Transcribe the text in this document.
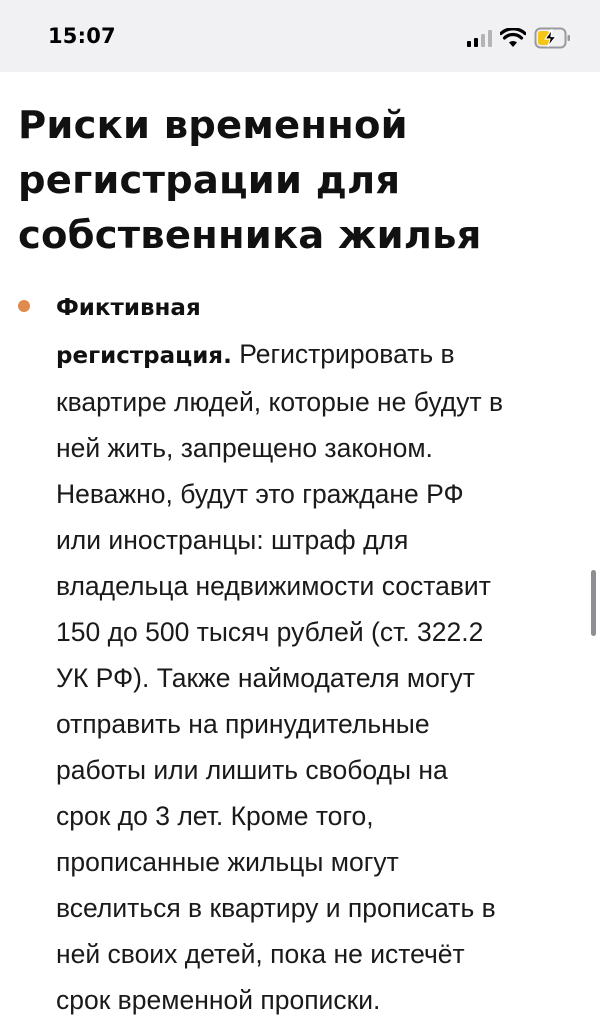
15:07
Риски временной
регистрации для
собственника жилья

Фиктивная
регистрация. Регистрировать в
квартире людей, которые не будут в
ней жить, запрещено законом.
Неважно, будут это граждане РФ
или иностранцы: штраф для
владельца недвижимости составит
150 до 500 тысяч рублей (ст. 322.2
УК РФ). Также наймодателя могут
отправить на принудительные
работы или лишить свободы на
срок до 3 лет. Кроме того,
прописанные жильцы могут
вселиться в квартиру и прописать в
ней своих детей, пока не истечёт
срок временной прописки.
